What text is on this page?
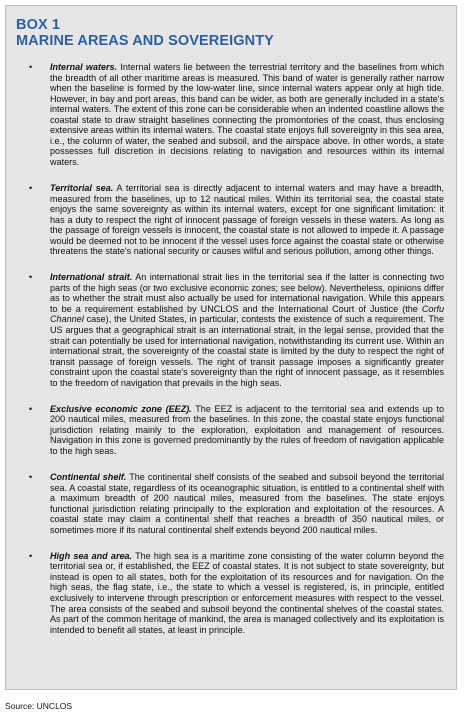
BOX 1
MARINE AREAS AND SOVEREIGNTY
• Internal waters. Internal waters lie between the terrestrial territory and the baselines from which the breadth of all other maritime areas is measured. This band of water is generally rather narrow when the baseline is formed by the low-water line, since internal waters appear only at high tide. However, in bay and port areas, this band can be wider, as both are generally included in a state's internal waters. The extent of this zone can be considerable when an indented coastline allows the coastal state to draw straight baselines connecting the promontories of the coast, thus enclosing extensive areas within its internal waters. The coastal state enjoys full sovereignty in this sea area, i.e., the column of water, the seabed and subsoil, and the airspace above. In other words, a state possesses full discretion in decisions relating to navigation and resources within its internal waters.
• Territorial sea. A territorial sea is directly adjacent to internal waters and may have a breadth, measured from the baselines, up to 12 nautical miles. Within its territorial sea, the coastal state enjoys the same sovereignty as within its internal waters, except for one significant limitation: it has a duty to respect the right of innocent passage of foreign vessels in these waters. As long as the passage of foreign vessels is innocent, the coastal state is not allowed to impede it. A passage would be deemed not to be innocent if the vessel uses force against the coastal state or otherwise threatens the state's national security or causes wilful and serious pollution, among other things.
• International strait. An international strait lies in the territorial sea if the latter is connecting two parts of the high seas (or two exclusive economic zones; see below). Nevertheless, opinions differ as to whether the strait must also actually be used for international navigation. While this appears to be a requirement established by UNCLOS and the International Court of Justice (the Corfu Channel case), the United States, in particular, contests the existence of such a requirement. The US argues that a geographical strait is an international strait, in the legal sense, provided that the strait can potentially be used for international navigation, notwithstanding its current use. Within an international strait, the sovereignty of the coastal state is limited by the duty to respect the right of transit passage of foreign vessels. The right of transit passage imposes a significantly greater constraint upon the coastal state's sovereignty than the right of innocent passage, as it resembles to the freedom of navigation that prevails in the high seas.
• Exclusive economic zone (EEZ). The EEZ is adjacent to the territorial sea and extends up to 200 nautical miles, measured from the baselines. In this zone, the coastal state enjoys functional jurisdiction relating mainly to the exploration, exploitation and management of resources. Navigation in this zone is governed predominantly by the rules of freedom of navigation applicable to the high seas.
• Continental shelf. The continental shelf consists of the seabed and subsoil beyond the territorial sea. A coastal state, regardless of its oceanographic situation, is entitled to a continental shelf with a maximum breadth of 200 nautical miles, measured from the baselines. The state enjoys functional jurisdiction relating principally to the exploration and exploitation of the resources. A coastal state may claim a continental shelf that reaches a breadth of 350 nautical miles, or sometimes more if its natural continental shelf extends beyond 200 nautical miles.
• High sea and area. The high sea is a maritime zone consisting of the water column beyond the territorial sea or, if established, the EEZ of coastal states. It is not subject to state sovereignty, but instead is open to all states, both for the exploitation of its resources and for navigation. On the high seas, the flag state, i.e., the state to which a vessel is registered, is, in principle, entitled exclusively to intervene through prescription or enforcement measures with respect to the vessel. The area consists of the seabed and subsoil beyond the continental shelves of the coastal states. As part of the common heritage of mankind, the area is managed collectively and its exploitation is intended to benefit all states, at least in principle.
Source: UNCLOS
